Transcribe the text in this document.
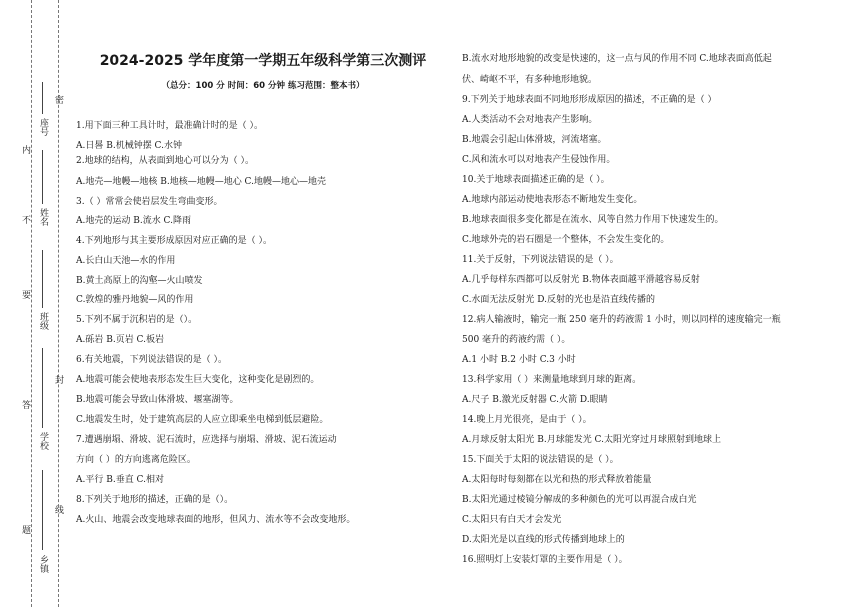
座号
姓名
班级
学校
乡镇
密
封
线
内
不
要
答
题
2024-2025 学年度第一学期五年级科学第三次测评
（总分：100 分 时间：60 分钟 练习范围：整本书）
1.用下面三种工具计时，最准确计时的是（ ）。
A.日晷 B.机械钟摆 C.水钟
2.地球的结构，从表面到地心可以分为（ ）。
A.地壳—地幔—地核 B.地核—地幔—地心 C.地幔—地心—地壳
3.（ ）常常会使岩层发生弯曲变形。
A.地壳的运动 B.流水 C.降雨
4.下列地形与其主要形成原因对应正确的是（ ）。
A.长白山天池—水的作用
B.黄土高原上的沟壑—火山喷发
C.敦煌的雅丹地貌—风的作用
5.下列不属于沉积岩的是（）。
A.砾岩 B.页岩 C.板岩
6.有关地震，下列说法错误的是（ ）。
A.地震可能会使地表形态发生巨大变化，这种变化是剧烈的。
B.地震可能会导致山体滑坡、堰塞湖等。
C.地震发生时，处于建筑高层的人应立即乘坐电梯到低层避险。
7.遭遇崩塌、滑坡、泥石流时，应选择与崩塌、滑坡、泥石流运动
方向（ ）的方向逃离危险区。
A.平行 B.垂直 C.相对
8.下列关于地形的描述，正确的是（）。
A.火山、地震会改变地球表面的地形，但风力、流水等不会改变地形。
B.流水对地形地貌的改变是快速的，这一点与风的作用不同 C.地球表面高低起
伏、崎岖不平，有多种地形地貌。
9.下列关于地球表面不同地形形成原因的描述，不正确的是（ ）
A.人类活动不会对地表产生影响。
B.地震会引起山体滑坡，河流堵塞。
C.风和流水可以对地表产生侵蚀作用。
10.关于地球表面描述正确的是（ ）。
A.地球内部运动使地表形态不断地发生变化。
B.地球表面很多变化都是在流水、风等自然力作用下快速发生的。
C.地球外壳的岩石圈是一个整体，不会发生变化的。
11.关于反射，下列说法错误的是（ ）。
A.几乎每样东西都可以反射光 B.物体表面越平滑越容易反射
C.水面无法反射光 D.反射的光也是沿直线传播的
12.病人输液时，输完一瓶 250 毫升的药液需 1 小时，则以同样的速度输完一瓶
500 毫升的药液约需（ ）。
A.1 小时 B.2 小时 C.3 小时
13.科学家用（ ）来测量地球到月球的距离。
A.尺子 B.激光反射器 C.火箭 D.眼睛
14.晚上月光很亮，是由于（ ）。
A.月球反射太阳光 B.月球能发光 C.太阳光穿过月球照射到地球上
15.下面关于太阳的说法错误的是（ ）。
A.太阳每时每刻都在以光和热的形式释放着能量
B.太阳光通过棱镜分解成的多种颜色的光可以再混合成白光
C.太阳只有白天才会发光
D.太阳光是以直线的形式传播到地球上的
16.照明灯上安装灯罩的主要作用是（ ）。
